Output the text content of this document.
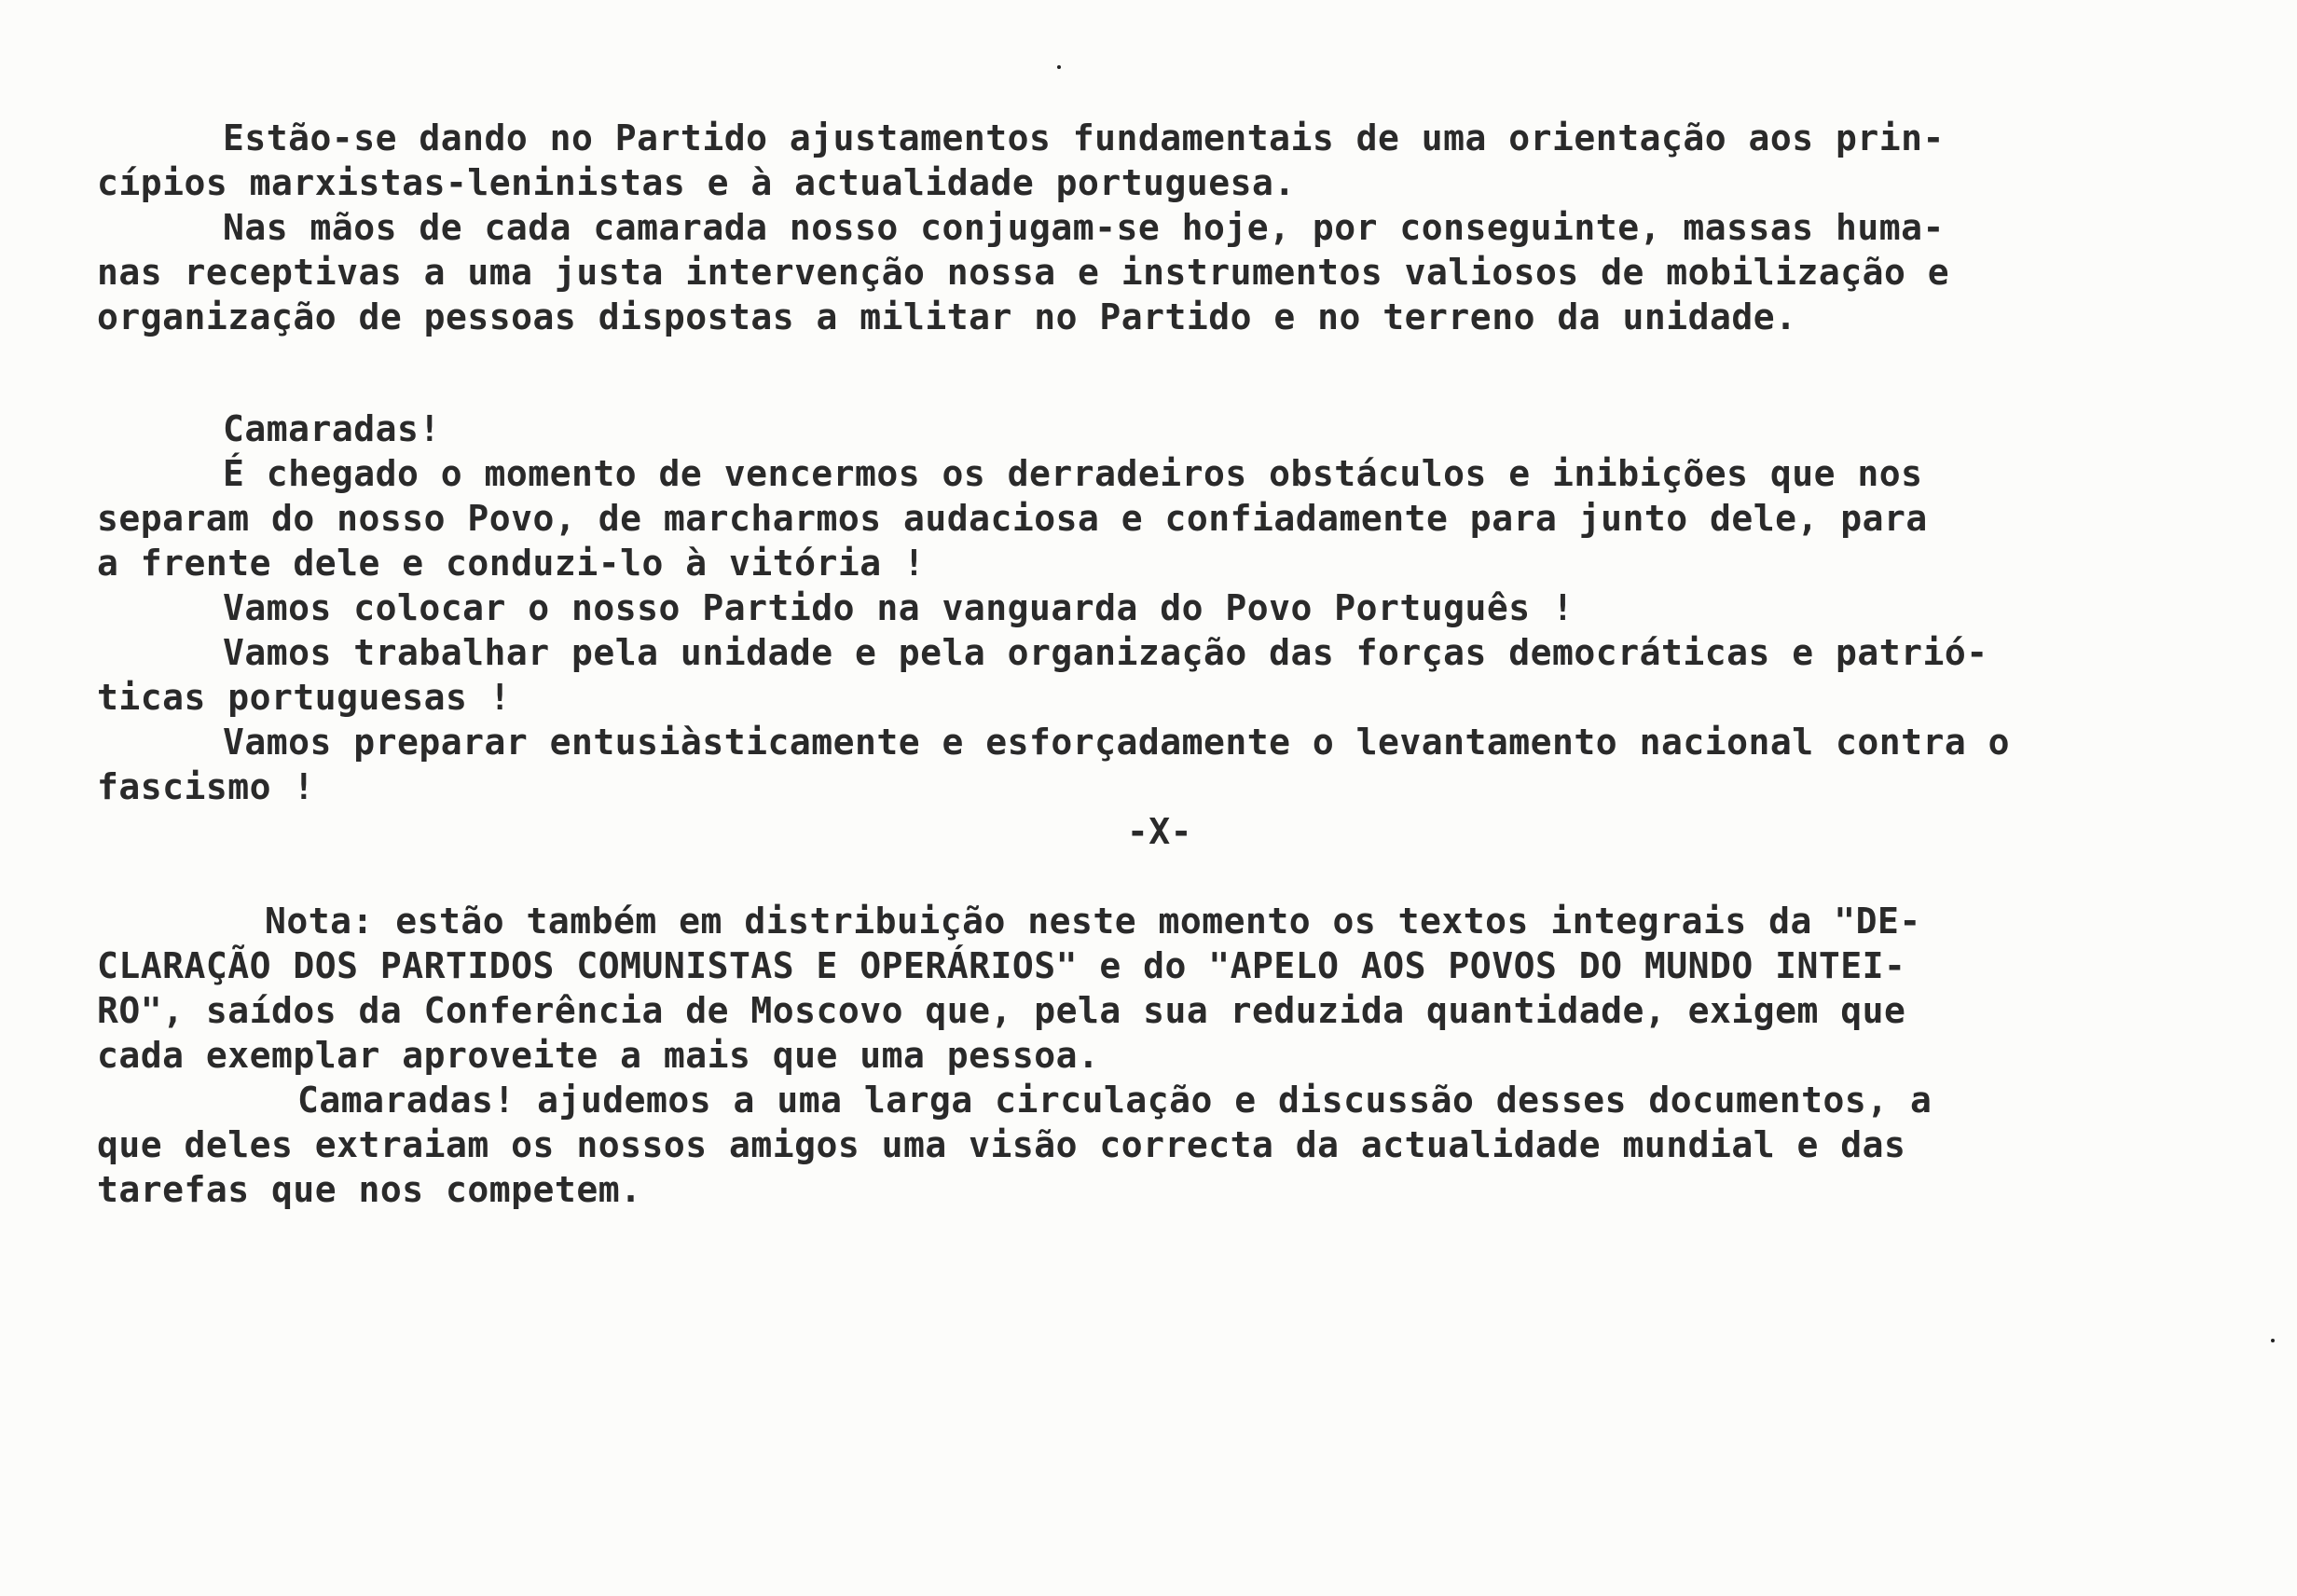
Estão-se dando no Partido ajustamentos fundamentais de uma orientação aos prin-
cípios marxistas-leninistas e à actualidade portuguesa.
Nas mãos de cada camarada nosso conjugam-se hoje, por conseguinte, massas huma-
nas receptivas a uma justa intervenção nossa e instrumentos valiosos de mobilização e
organização de pessoas dispostas a militar no Partido e no terreno da unidade.
Camaradas!
É chegado o momento de vencermos os derradeiros obstáculos e inibições que nos
separam do nosso Povo, de marcharmos audaciosa e confiadamente para junto dele, para
a frente dele e conduzi-lo à vitória !
Vamos colocar o nosso Partido na vanguarda do Povo Português !
Vamos trabalhar pela unidade e pela organização das forças democráticas e patrió-
ticas portuguesas !
Vamos preparar entusiàsticamente e esforçadamente o levantamento nacional contra o
fascismo !
-X-
Nota: estão também em distribuição neste momento os textos integrais da "DE-
CLARAÇÃO DOS PARTIDOS COMUNISTAS E OPERÁRIOS" e do "APELO AOS POVOS DO MUNDO INTEI-
RO", saídos da Conferência de Moscovo que, pela sua reduzida quantidade, exigem que
cada exemplar aproveite a mais que uma pessoa.
Camaradas! ajudemos a uma larga circulação e discussão desses documentos, a
que deles extraiam os nossos amigos uma visão correcta da actualidade mundial e das
tarefas que nos competem.
